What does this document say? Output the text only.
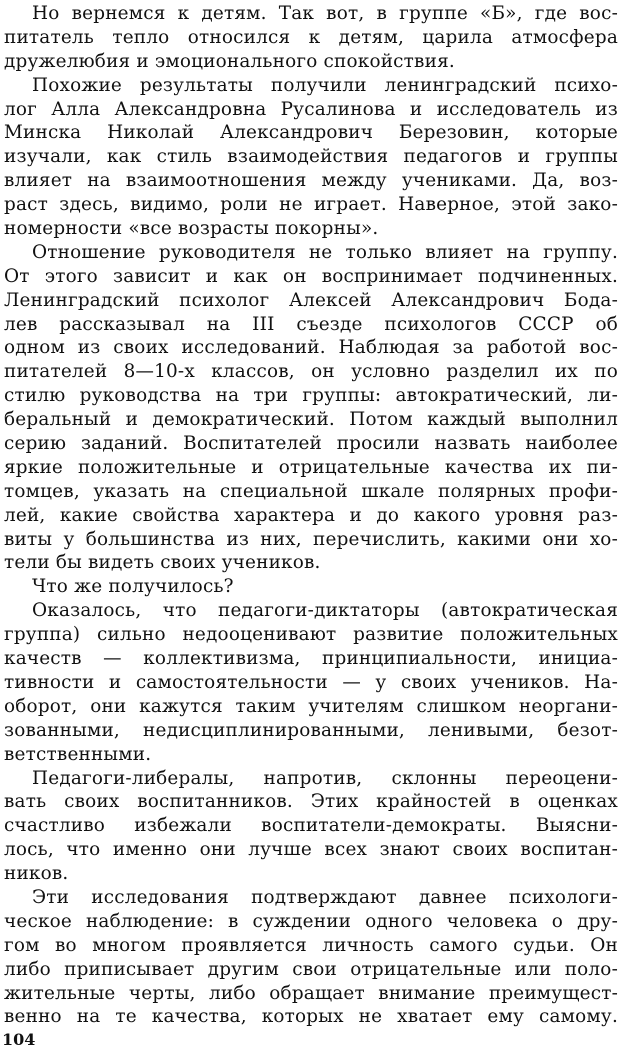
Но вернемся к детям. Так вот, в группе «Б», где вос-
питатель тепло относился к детям, царила атмосфера
дружелюбия и эмоционального спокойствия.
Похожие результаты получили ленинградский психо-
лог Алла Александровна Русалинова и исследователь из
Минска Николай Александрович Березовин, которые
изучали, как стиль взаимодействия педагогов и группы
влияет на взаимоотношения между учениками. Да, воз-
раст здесь, видимо, роли не играет. Наверное, этой зако-
номерности «все возрасты покорны».
Отношение руководителя не только влияет на группу.
От этого зависит и как он воспринимает подчиненных.
Ленинградский психолог Алексей Александрович Бода-
лев рассказывал на III съезде психологов СССР об
одном из своих исследований. Наблюдая за работой вос-
питателей 8—10-х классов, он условно разделил их по
стилю руководства на три группы: автократический, ли-
беральный и демократический. Потом каждый выполнил
серию заданий. Воспитателей просили назвать наиболее
яркие положительные и отрицательные качества их пи-
томцев, указать на специальной шкале полярных профи-
лей, какие свойства характера и до какого уровня раз-
виты у большинства из них, перечислить, какими они хо-
тели бы видеть своих учеников.
Что же получилось?
Оказалось, что педагоги-диктаторы (автократическая
группа) сильно недооценивают развитие положительных
качеств — коллективизма, принципиальности, инициа-
тивности и самостоятельности — у своих учеников. На-
оборот, они кажутся таким учителям слишком неоргани-
зованными, недисциплинированными, ленивыми, безот-
ветственными.
Педагоги-либералы, напротив, склонны переоцени-
вать своих воспитанников. Этих крайностей в оценках
счастливо избежали воспитатели-демократы. Выясни-
лось, что именно они лучше всех знают своих воспитан-
ников.
Эти исследования подтверждают давнее психологи-
ческое наблюдение: в суждении одного человека о дру-
гом во многом проявляется личность самого судьи. Он
либо приписывает другим свои отрицательные или поло-
жительные черты, либо обращает внимание преимущест-
венно на те качества, которых не хватает ему самому.
104
